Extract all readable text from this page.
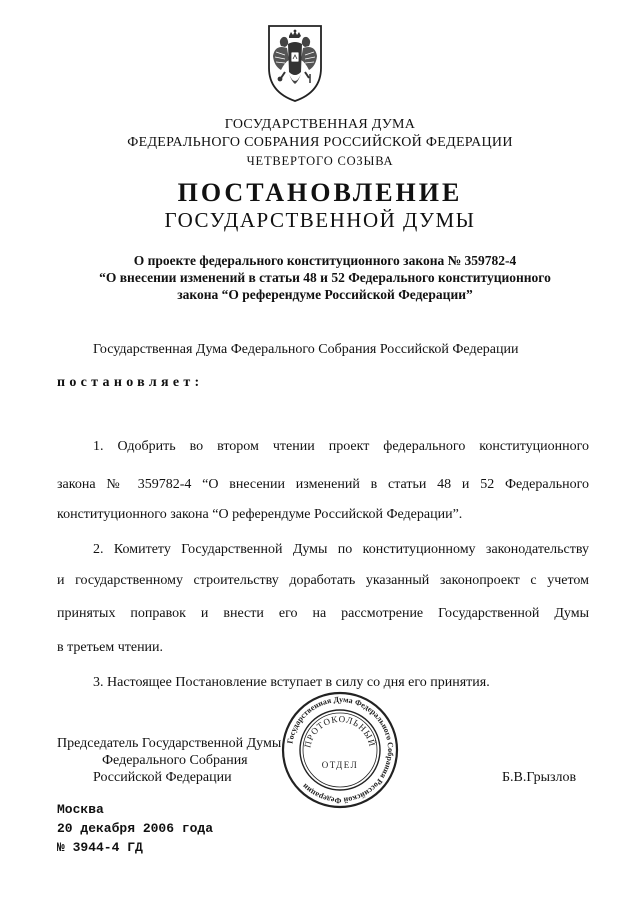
ГОСУДАРСТВЕННАЯ ДУМА
ФЕДЕРАЛЬНОГО СОБРАНИЯ РОССИЙСКОЙ ФЕДЕРАЦИИ
ЧЕТВЕРТОГО СОЗЫВА
ПОСТАНОВЛЕНИЕ
ГОСУДАРСТВЕННОЙ ДУМЫ
О проекте федерального конституционного закона № 359782-4
“О внесении изменений в статьи 48 и 52 Федерального конституционного
закона “О референдуме Российской Федерации”
Государственная Дума Федерального Собрания Российской Федерации
постановляет:
1. Одобрить во втором чтении проект федерального конституционного
закона № 359782-4 “О внесении изменений в статьи 48 и 52 Федерального
конституционного закона “О референдуме Российской Федерации”.
2. Комитету Государственной Думы по конституционному законодательству
и государственному строительству доработать указанный законопроект с учетом
принятых поправок и внести его на рассмотрение Государственной Думы
в третьем чтении.
3. Настоящее Постановление вступает в силу со дня его принятия.
Председатель Государственной Думы
Федерального Собрания
Российской Федерации	Б.В.Грызлов
Государственная Дума Федерального Собрания Российской Федерации
ПРОТОКОЛЬНЫЙ
ОТДЕЛ
Москва
20 декабря 2006 года
№ 3944-4 ГД
